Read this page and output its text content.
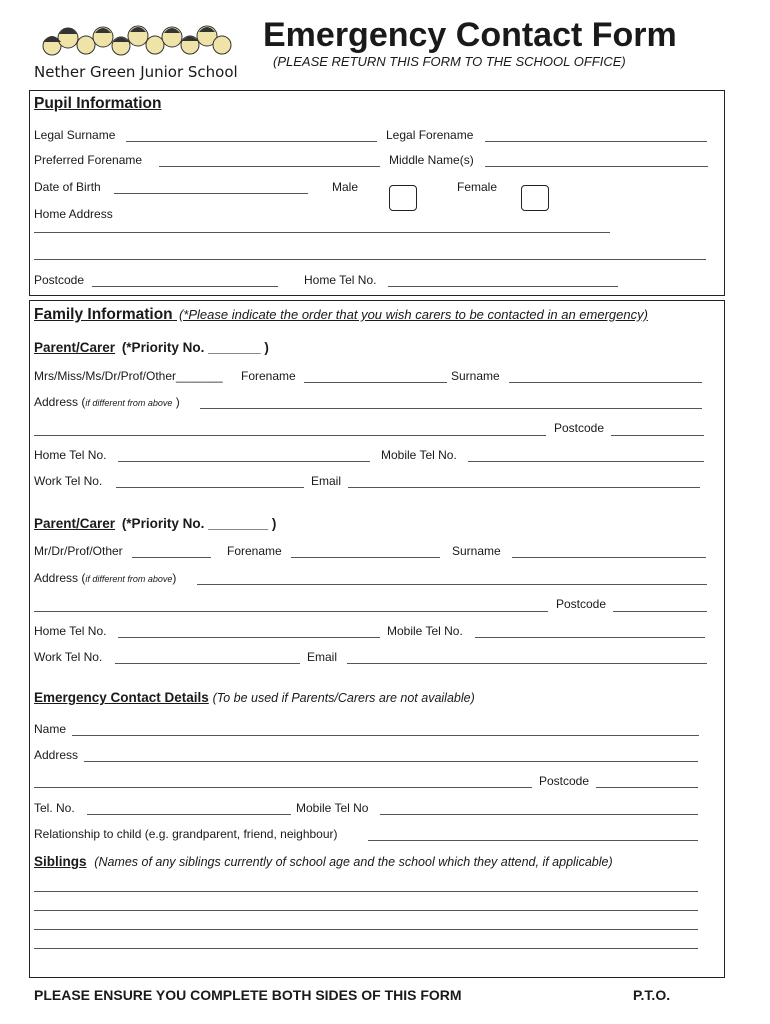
Nether Green Junior School
Emergency Contact Form
(PLEASE RETURN THIS FORM TO THE SCHOOL OFFICE)
Pupil Information
Legal Surname	Legal Forename
Preferred Forename	Middle Name(s)
Date of Birth	Male	Female
Home Address
Postcode	Home Tel No.
Family Information (*Please indicate the order that you wish carers to be contacted in an emergency)
Parent/Carer (*Priority No. _______ )
Mrs/Miss/Ms/Dr/Prof/Other_______ Forename	Surname
Address (if different from above )
Postcode
Home Tel No.	Mobile Tel No.
Work Tel No.	Email
Parent/Carer (*Priority No. ________ )
Mr/Dr/Prof/Other	Forename	Surname
Address (if different from above)
Postcode
Home Tel No.	Mobile Tel No.
Work Tel No.	Email
Emergency Contact Details (To be used if Parents/Carers are not available)
Name
Address
Postcode
Tel. No.	Mobile Tel No
Relationship to child (e.g. grandparent, friend, neighbour)
Siblings (Names of any siblings currently of school age and the school which they attend, if applicable)
PLEASE ENSURE YOU COMPLETE BOTH SIDES OF THIS FORM	P.T.O.
